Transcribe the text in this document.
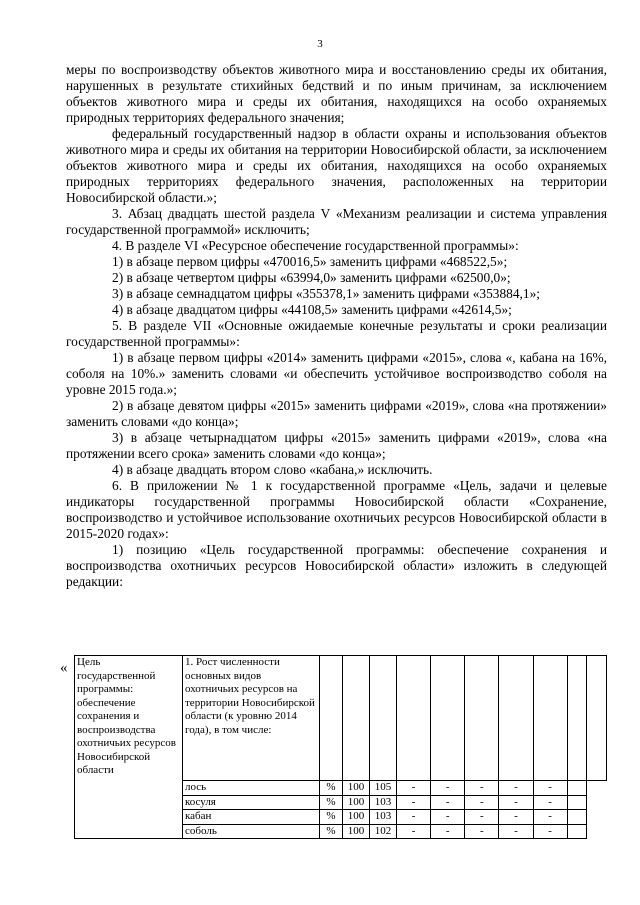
3

меры по воспроизводству объектов животного мира и восстановлению среды их обитания, нарушенных в результате стихийных бедствий и по иным причинам, за исключением объектов животного мира и среды их обитания, находящихся на особо охраняемых природных территориях федерального значения;

федеральный государственный надзор в области охраны и использования объектов животного мира и среды их обитания на территории Новосибирской области, за исключением объектов животного мира и среды их обитания, находящихся на особо охраняемых природных территориях федерального значения, расположенных на территории Новосибирской области.»;

3. Абзац двадцать шестой раздела V «Механизм реализации и система управления государственной программой» исключить;

4. В разделе VI «Ресурсное обеспечение государственной программы»:

1) в абзаце первом цифры «470016,5» заменить цифрами «468522,5»;

2) в абзаце четвертом цифры «63994,0» заменить цифрами «62500,0»;

3) в абзаце семнадцатом цифры «355378,1» заменить цифрами «353884,1»;

4) в абзаце двадцатом цифры «44108,5» заменить цифрами «42614,5»;

5. В разделе VII «Основные ожидаемые конечные результаты и сроки реализации государственной программы»:

1) в абзаце первом цифры «2014» заменить цифрами «2015», слова «, кабана на 16%, соболя на 10%.» заменить словами «и обеспечить устойчивое воспроизводство соболя на уровне 2015 года.»;

2) в абзаце девятом цифры «2015» заменить цифрами «2019», слова «на протяжении» заменить словами «до конца»;

3) в абзаце четырнадцатом цифры «2015» заменить цифрами «2019», слова «на протяжении всего срока» заменить словами «до конца»;

4) в абзаце двадцать втором слово «кабана,» исключить.

6. В приложении № 1 к государственной программе «Цель, задачи и целевые индикаторы государственной программы Новосибирской области «Сохранение, воспроизводство и устойчивое использование охотничьих ресурсов Новосибирской области в 2015-2020 годах»:

1) позицию «Цель государственной программы: обеспечение сохранения и воспроизводства охотничьих ресурсов Новосибирской области» изложить в следующей редакции:

« Цель государственной программы: обеспечение сохранения и воспроизводства охотничьих ресурсов Новосибирской области	1. Рост численности основных видов охотничьих ресурсов на территории Новосибирской области (к уровню 2014 года), в том числе:										
	лось	%	100	105	-	-	-	-	-		
	косуля	%	100	103	-	-	-	-	-		
	кабан	%	100	103	-	-	-	-	-		
	соболь	%	100	102	-	-	-	-	-		
